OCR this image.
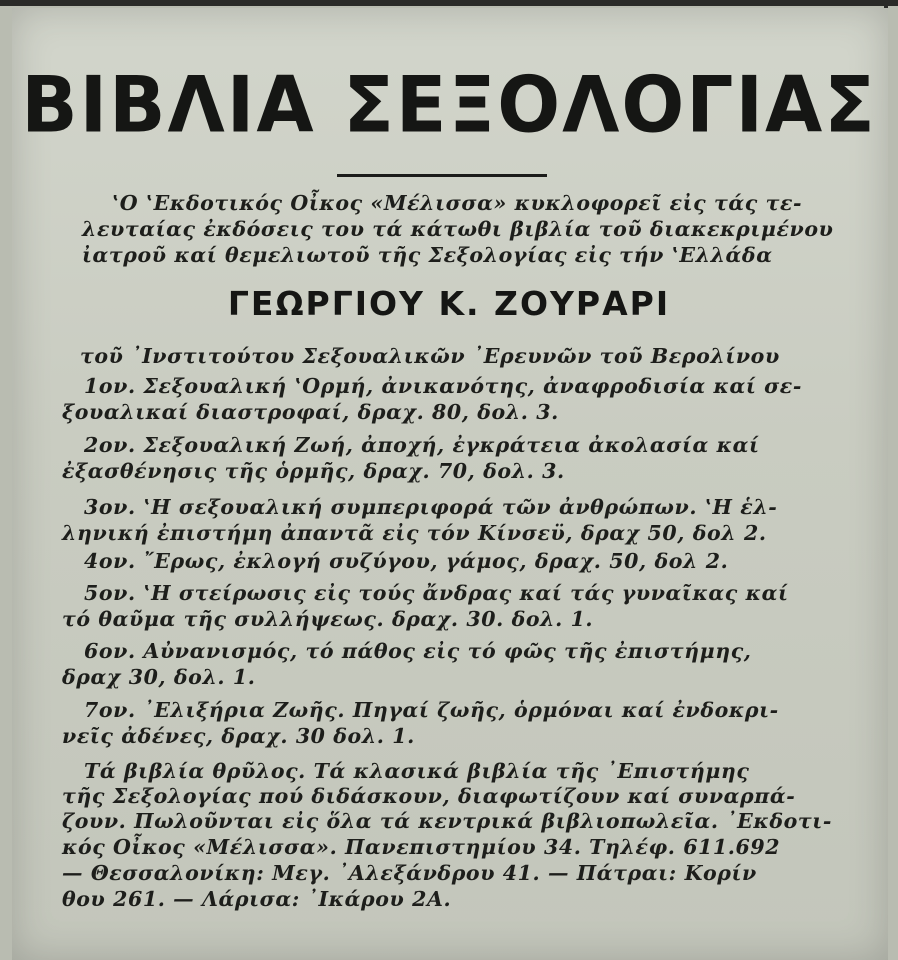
ΒΙΒΛΙΑ ΣΕΞΟΛΟΓΙΑΣ
‛Ο ‛Εκδοτικός Οἶκος «Μέλισσα» κυκλοφορεῖ εἰς τάς τε-
λευταίας ἐκδόσεις του τά κάτωθι βιβλία τοῦ διακεκριμένου
ἰατροῦ καί θεμελιωτοῦ τῆς Σεξολογίας εἰς τήν ‛Ελλάδα
ΓΕΩΡΓΙΟΥ Κ. ΖΟΥΡΑΡΙ
τοῦ ᾽Ινστιτούτου Σεξουαλικῶν ᾽Ερευνῶν τοῦ Βερολίνου
1ον. Σεξουαλική ‛Ορμή, ἀνικανότης, ἀναφροδισία καί σε-
ξουαλικαί διαστροφαί, δραχ. 80, δολ. 3.
2ον. Σεξουαλική Ζωή, ἀποχή, ἐγκράτεια ἀκολασία καί
ἐξασθένησις τῆς ὁρμῆς, δραχ. 70, δολ. 3.
3ον. ‛Η σεξουαλική συμπεριφορά τῶν ἀνθρώπων. ‛Η ἑλ-
ληνική ἐπιστήμη ἀπαντᾶ εἰς τόν Κίνσεϋ, δραχ 50, δολ 2.
4ον. ῎Ερως, ἐκλογή συζύγου, γάμος, δραχ. 50, δολ 2.
5ον. ‛Η στείρωσις εἰς τούς ἄνδρας καί τάς γυναῖκας καί
τό θαῦμα τῆς συλλήψεως. δραχ. 30. δολ. 1.
6ον. Αὐνανισμός, τό πάθος εἰς τό φῶς τῆς ἐπιστήμης,
δραχ 30, δολ. 1.
7ον. ᾽Ελιξήρια Ζωῆς. Πηγαί ζωῆς, ὁρμόναι καί ἐνδοκρι-
νεῖς ἀδένες, δραχ. 30 δολ. 1.
Τά βιβλία θρῦλος. Τά κλασικά βιβλία τῆς ᾽Επιστήμης
τῆς Σεξολογίας πού διδάσκουν, διαφωτίζουν καί συναρπά-
ζουν. Πωλοῦνται εἰς ὅλα τά κεντρικά βιβλιοπωλεῖα. ᾽Εκδοτι-
κός Οἶκος «Μέλισσα». Πανεπιστημίου 34. Τηλέφ. 611.692
— Θεσσαλονίκη: Μεγ. ᾽Αλεξάνδρου 41. — Πάτραι: Κορίν
θου 261. — Λάρισα: ᾽Ικάρου 2Α.
